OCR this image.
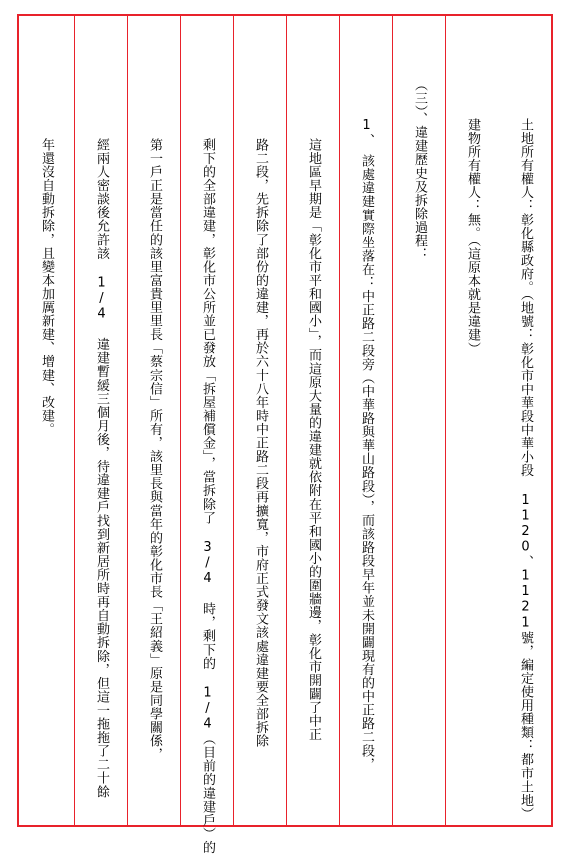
土地所有權人：彰化縣政府。（地號：彰化市中華段中華小段 1120、1121號，編定使用種類：都市土地）
建物所有權人：無。（這原本就是違建）
（三）、違建歷史及拆除過程：
1、　該處違建實際坐落在：中正路二段旁（中華路與華山路段），而該路段早年並未開闢現有的中正路二段，
這地區早期是「彰化市平和國小」，而這原大量的違建就依附在平和國小的圍牆邊，彰化市開闢了中正
路二段，先拆除了部份的違建，再於六十八年時中正路二段再擴寬，市府正式發文該處違建要全部拆除
剩下的全部違建，彰化市公所並已發放「拆屋補償金」，當拆除了 3/4 時，剩下的 1/4（目前的違建戶）的
第一戶正是當任的該里富貴里里長「蔡宗信」所有，該里長與當年的彰化市長「王紹義」原是同學關係，
經兩人密談後允許該 1/4 違建暫緩三個月後，待違建戶找到新居所時再自動拆除，但這一拖拖了二十餘
年還沒自動拆除，且變本加厲新建、增建、改建。
